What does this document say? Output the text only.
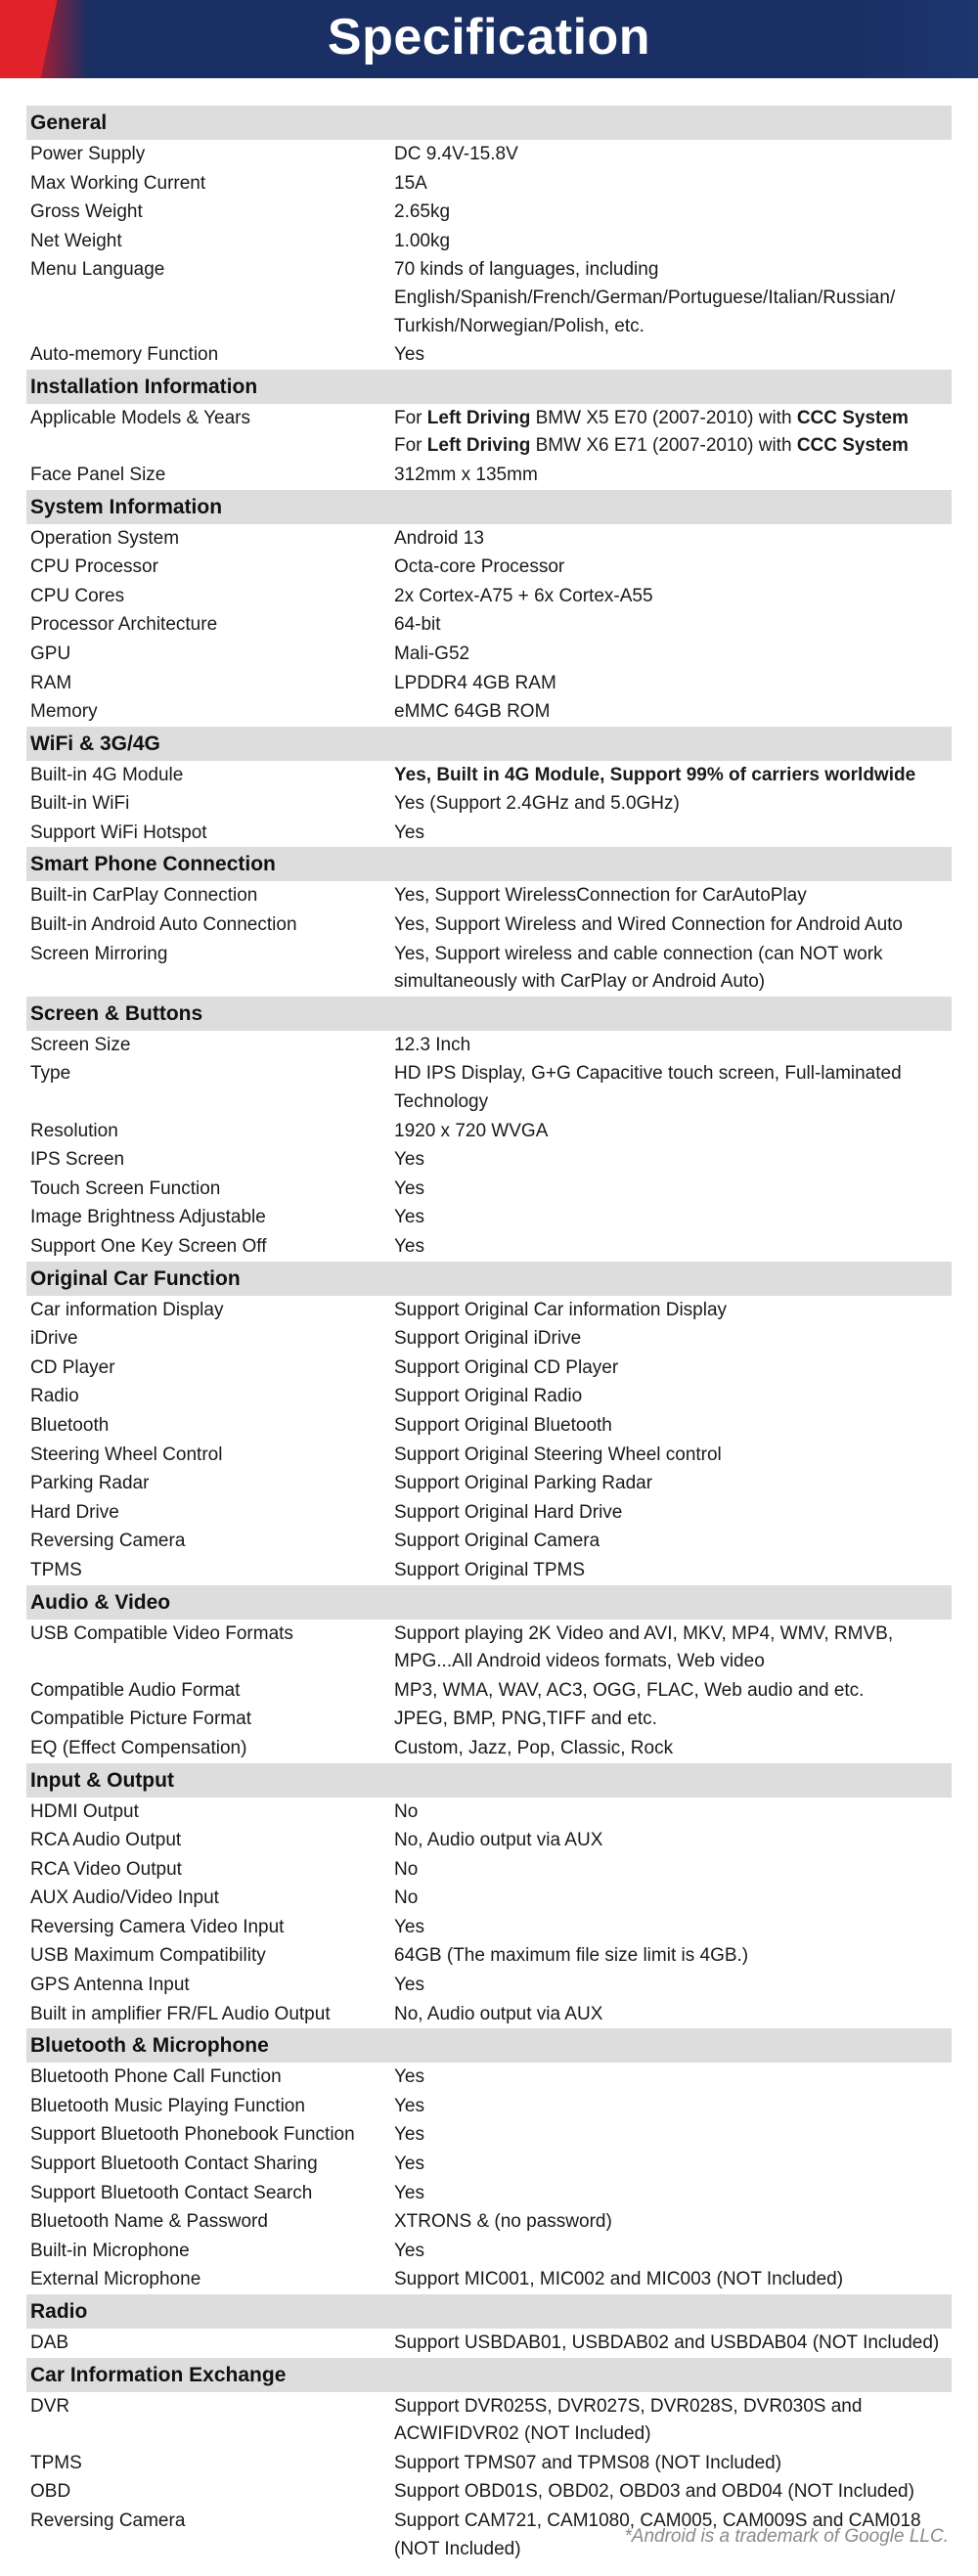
Specification
General
Power Supply	DC 9.4V-15.8V
Max Working Current	15A
Gross Weight	2.65kg
Net Weight	1.00kg
Menu Language	70 kinds of languages, including English/Spanish/French/German/Portuguese/Italian/Russian/ Turkish/Norwegian/Polish, etc.
Auto-memory Function	Yes
Installation Information
Applicable Models & Years	For Left Driving BMW X5 E70 (2007-2010) with CCC System
For Left Driving BMW X6 E71 (2007-2010) with CCC System
Face Panel Size	312mm x 135mm
System Information
Operation System	Android 13
CPU Processor	Octa-core Processor
CPU Cores	2x Cortex-A75 + 6x Cortex-A55
Processor Architecture	64-bit
GPU	Mali-G52
RAM	LPDDR4 4GB RAM
Memory	eMMC 64GB ROM
WiFi & 3G/4G
Built-in 4G Module	Yes, Built in 4G Module, Support 99% of carriers worldwide
Built-in WiFi	Yes (Support 2.4GHz and 5.0GHz)
Support WiFi Hotspot	Yes
Smart Phone Connection
Built-in CarPlay Connection	Yes, Support WirelessConnection for CarAutoPlay
Built-in Android Auto Connection	Yes, Support Wireless and Wired Connection for Android Auto
Screen Mirroring	Yes, Support wireless and cable connection (can NOT work simultaneously with CarPlay or Android Auto)
Screen & Buttons
Screen Size	12.3 Inch
Type	HD IPS Display, G+G Capacitive touch screen, Full-laminated Technology
Resolution	1920 x 720 WVGA
IPS Screen	Yes
Touch Screen Function	Yes
Image Brightness Adjustable	Yes
Support One Key Screen Off	Yes
Original Car Function
Car information Display	Support Original Car information Display
iDrive	Support Original iDrive
CD Player	Support Original CD Player
Radio	Support Original Radio
Bluetooth	Support Original Bluetooth
Steering Wheel Control	Support Original Steering Wheel control
Parking Radar	Support Original Parking Radar
Hard Drive	Support Original Hard Drive
Reversing Camera	Support Original Camera
TPMS	Support Original TPMS
Audio & Video
USB Compatible Video Formats	Support playing 2K Video and AVI, MKV, MP4, WMV, RMVB, MPG...All Android videos formats, Web video
Compatible Audio Format	MP3, WMA, WAV, AC3, OGG, FLAC, Web audio and etc.
Compatible Picture Format	JPEG, BMP, PNG,TIFF and etc.
EQ (Effect Compensation)	Custom, Jazz, Pop, Classic, Rock
Input & Output
HDMI Output	No
RCA Audio Output	No, Audio output via AUX
RCA Video Output	No
AUX Audio/Video Input	No
Reversing Camera Video Input	Yes
USB Maximum Compatibility	64GB (The maximum file size limit is 4GB.)
GPS Antenna Input	Yes
Built in amplifier FR/FL Audio Output	No, Audio output via AUX
Bluetooth & Microphone
Bluetooth Phone Call Function	Yes
Bluetooth Music Playing Function	Yes
Support Bluetooth Phonebook Function	Yes
Support Bluetooth Contact Sharing	Yes
Support Bluetooth Contact Search	Yes
Bluetooth Name & Password	XTRONS & (no password)
Built-in Microphone	Yes
External Microphone	Support MIC001, MIC002 and MIC003 (NOT Included)
Radio
DAB	Support USBDAB01, USBDAB02 and USBDAB04 (NOT Included)
Car Information Exchange
DVR	Support DVR025S, DVR027S, DVR028S, DVR030S and ACWIFIDVR02 (NOT Included)
TPMS	Support TPMS07 and TPMS08 (NOT Included)
OBD	Support OBD01S, OBD02, OBD03 and OBD04 (NOT Included)
Reversing Camera	Support CAM721, CAM1080, CAM005, CAM009S and CAM018 (NOT Included)
*Android is a trademark of Google LLC.
